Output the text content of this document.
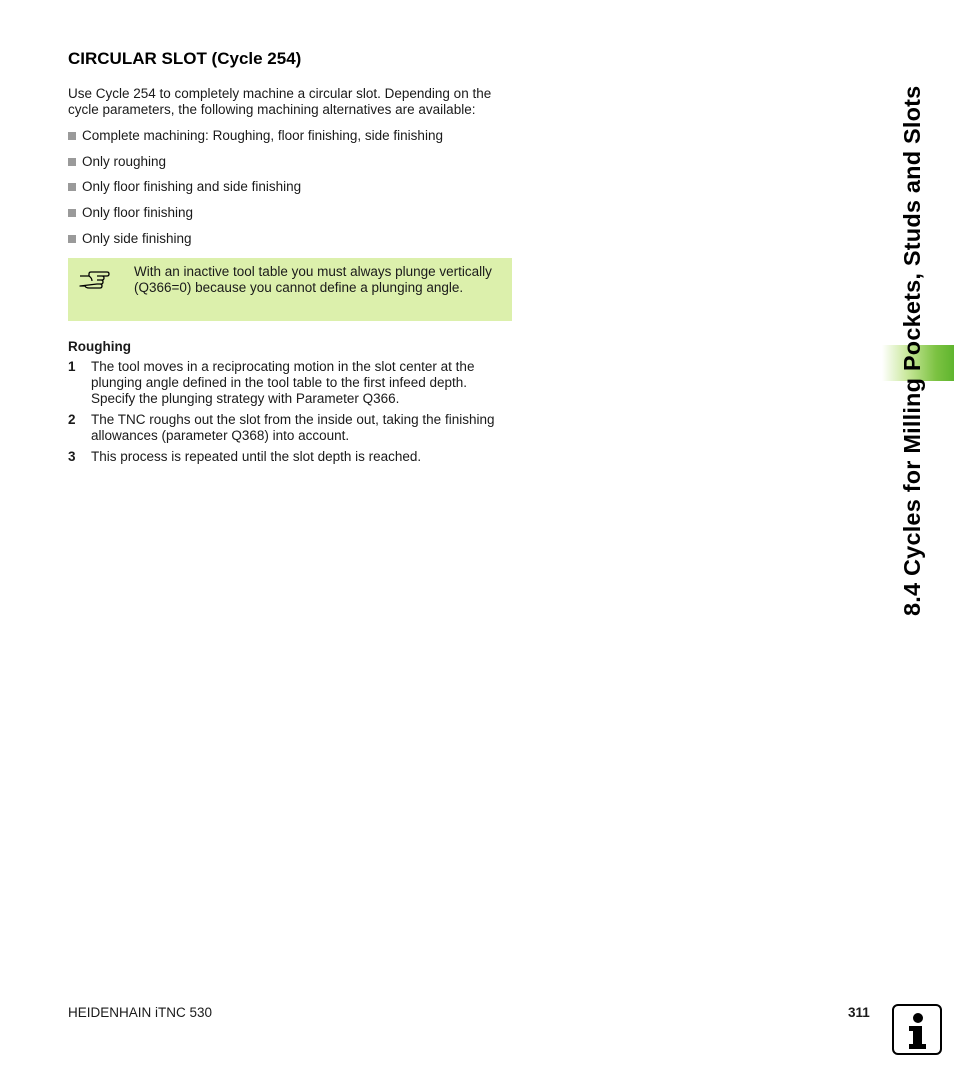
CIRCULAR SLOT (Cycle 254)

Use Cycle 254 to completely machine a circular slot. Depending on the cycle parameters, the following machining alternatives are available:

Complete machining: Roughing, floor finishing, side finishing
Only roughing
Only floor finishing and side finishing
Only floor finishing
Only side finishing

With an inactive tool table you must always plunge vertically (Q366=0) because you cannot define a plunging angle.

Roughing
1	The tool moves in a reciprocating motion in the slot center at the plunging angle defined in the tool table to the first infeed depth. Specify the plunging strategy with Parameter Q366.
2	The TNC roughs out the slot from the inside out, taking the finishing allowances (parameter Q368) into account.
3	This process is repeated until the slot depth is reached.	8.4 Cycles for Milling Pockets, Studs and Slots

HEIDENHAIN iTNC 530	311
